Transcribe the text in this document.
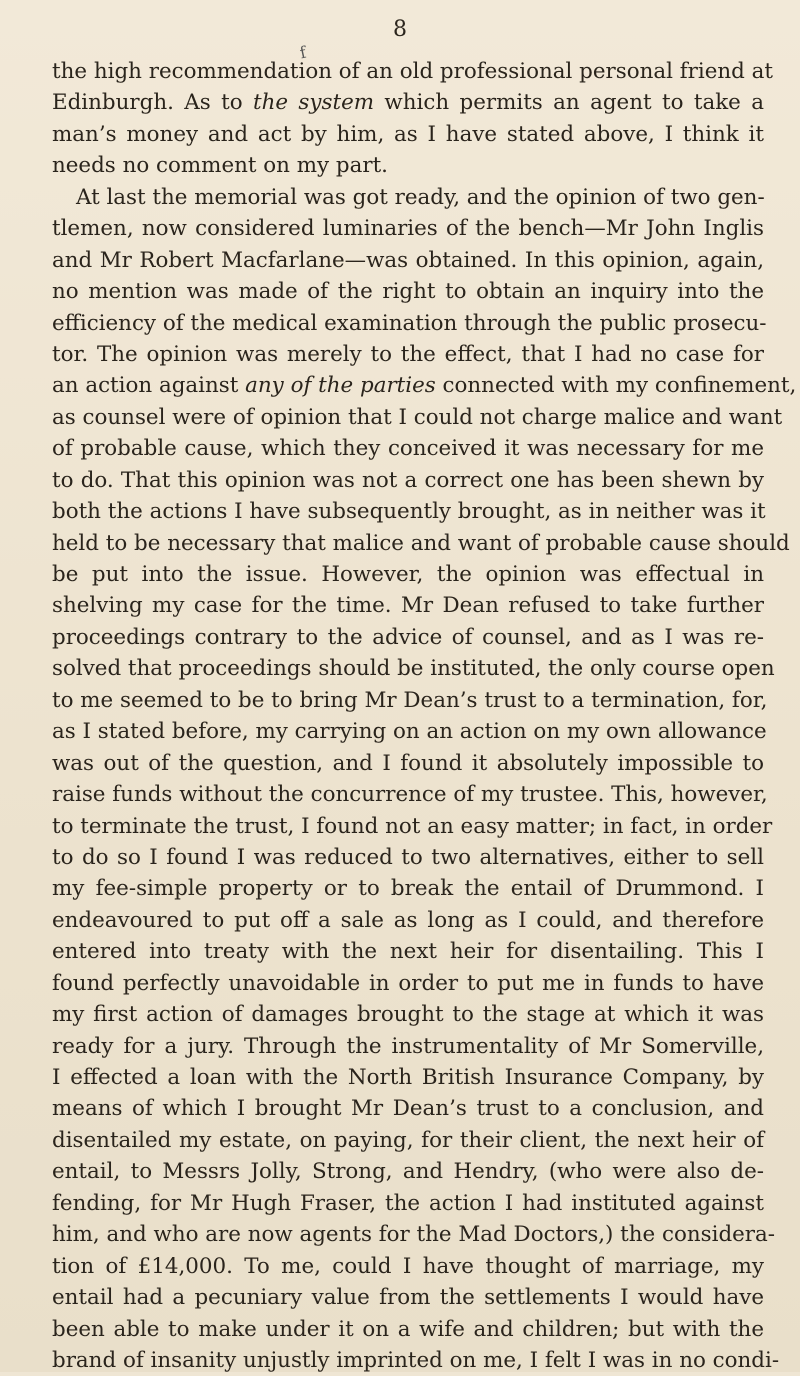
8
f
the high recommendation of an old professional personal friend at
Edinburgh. As to the system which permits an agent to take a
man’s money and act by him, as I have stated above, I think it
needs no comment on my part.
At last the memorial was got ready, and the opinion of two gen-
tlemen, now considered luminaries of the bench—Mr John Inglis
and Mr Robert Macfarlane—was obtained. In this opinion, again,
no mention was made of the right to obtain an inquiry into the
efficiency of the medical examination through the public prosecu-
tor. The opinion was merely to the effect, that I had no case for
an action against any of the parties connected with my confinement,
as counsel were of opinion that I could not charge malice and want
of probable cause, which they conceived it was necessary for me
to do. That this opinion was not a correct one has been shewn by
both the actions I have subsequently brought, as in neither was it
held to be necessary that malice and want of probable cause should
be put into the issue. However, the opinion was effectual in
shelving my case for the time. Mr Dean refused to take further
proceedings contrary to the advice of counsel, and as I was re-
solved that proceedings should be instituted, the only course open
to me seemed to be to bring Mr Dean’s trust to a termination, for,
as I stated before, my carrying on an action on my own allowance
was out of the question, and I found it absolutely impossible to
raise funds without the concurrence of my trustee. This, however,
to terminate the trust, I found not an easy matter; in fact, in order
to do so I found I was reduced to two alternatives, either to sell
my fee-simple property or to break the entail of Drummond. I
endeavoured to put off a sale as long as I could, and therefore
entered into treaty with the next heir for disentailing. This I
found perfectly unavoidable in order to put me in funds to have
my first action of damages brought to the stage at which it was
ready for a jury. Through the instrumentality of Mr Somerville,
I effected a loan with the North British Insurance Company, by
means of which I brought Mr Dean’s trust to a conclusion, and
disentailed my estate, on paying, for their client, the next heir of
entail, to Messrs Jolly, Strong, and Hendry, (who were also de-
fending, for Mr Hugh Fraser, the action I had instituted against
him, and who are now agents for the Mad Doctors,) the considera-
tion of £14,000. To me, could I have thought of marriage, my
entail had a pecuniary value from the settlements I would have
been able to make under it on a wife and children; but with the
brand of insanity unjustly imprinted on me, I felt I was in no condi-
